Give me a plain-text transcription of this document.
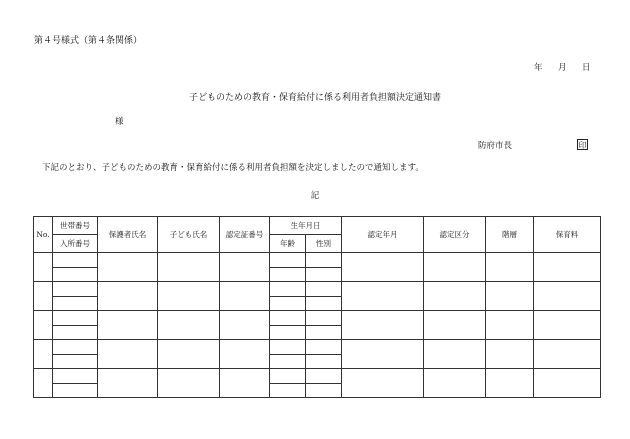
第４号様式（第４条関係）
年 月 日
子どものための教育・保育給付に係る利用者負担額決定通知書
様
防府市長	印
下記のとおり、子どものための教育・保育給付に係る利用者負担額を決定しましたので通知します。
記
No.	世帯番号	保護者氏名	子ども氏名	認定証番号	生年月日		認定年月	認定区分	階層	保育料
	入所番号				年齢	性別				
